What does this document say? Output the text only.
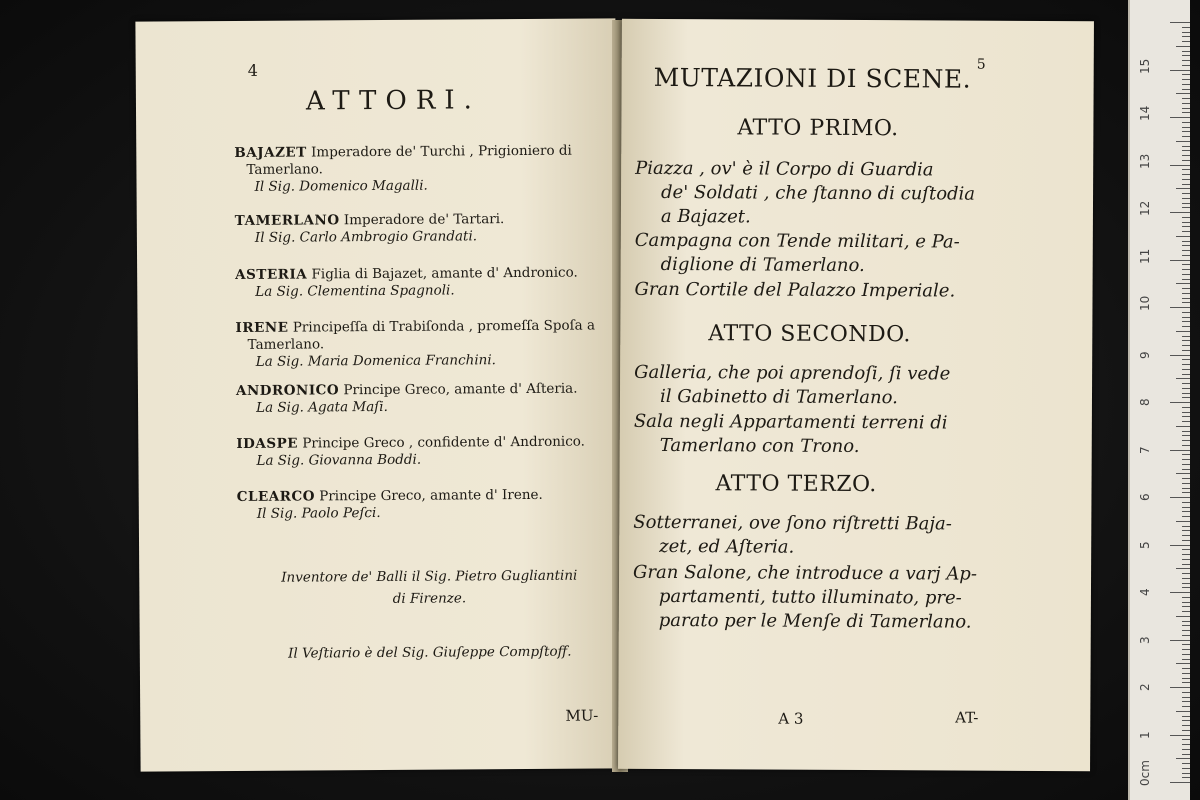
4
ATTORI.
BAJAZET Imperadore de' Turchi , Prigioniero di
Tamerlano.
Il Sig. Domenico Magalli.
TAMERLANO Imperadore de' Tartari.
Il Sig. Carlo Ambrogio Grandati.
ASTERIA Figlia di Bajazet, amante d' Andronico.
La Sig. Clementina Spagnoli.
IRENE Principeſſa di Trabiſonda , promeſſa Spoſa a
Tamerlano.
La Sig. Maria Domenica Franchini.
ANDRONICO Principe Greco, amante d' Aſteria.
La Sig. Agata Maſi.
IDASPE Principe Greco , confidente d' Andronico.
La Sig. Giovanna Boddi.
CLEARCO Principe Greco, amante d' Irene.
Il Sig. Paolo Peſci.
Inventore de' Balli il Sig. Pietro Gugliantini
di Firenze.
Il Veſtiario è del Sig. Giuſeppe Compſtoff.
MU-
5
MUTAZIONI DI SCENE.
ATTO PRIMO.
Piazza , ov' è il Corpo di Guardia
de' Soldati , che ſtanno di cuſtodia
a Bajazet.
Campagna con Tende militari, e Pa-
diglione di Tamerlano.
Gran Cortile del Palazzo Imperiale.
ATTO SECONDO.
Galleria, che poi aprendoſi, ſi vede
il Gabinetto di Tamerlano.
Sala negli Appartamenti terreni di
Tamerlano con Trono.
ATTO TERZO.
Sotterranei, ove ſono riſtretti Baja-
zet, ed Aſteria.
Gran Salone, che introduce a varj Ap-
partamenti, tutto illuminato, pre-
parato per le Menſe di Tamerlano.
A 3	AT-
0cm
1
2
3
4
5
6
7
8
9
10
11
12
13
14
15
